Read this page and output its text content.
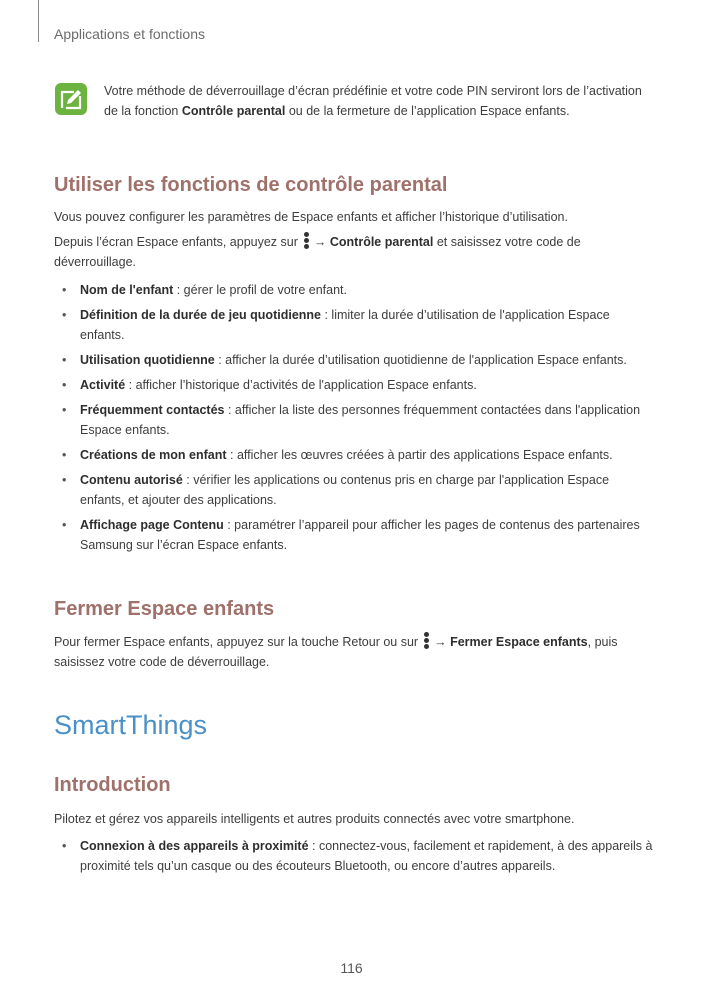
Applications et fonctions
Votre méthode de déverrouillage d’écran prédéfinie et votre code PIN serviront lors de l’activation de la fonction Contrôle parental ou de la fermeture de l’application Espace enfants.
Utiliser les fonctions de contrôle parental
Vous pouvez configurer les paramètres de Espace enfants et afficher l’historique d’utilisation.
Depuis l’écran Espace enfants, appuyez sur → Contrôle parental et saisissez votre code de déverrouillage.
• Nom de l'enfant : gérer le profil de votre enfant.
• Définition de la durée de jeu quotidienne : limiter la durée d’utilisation de l'application Espace enfants.
• Utilisation quotidienne : afficher la durée d’utilisation quotidienne de l'application Espace enfants.
• Activité : afficher l’historique d’activités de l'application Espace enfants.
• Fréquemment contactés : afficher la liste des personnes fréquemment contactées dans l'application Espace enfants.
• Créations de mon enfant : afficher les œuvres créées à partir des applications Espace enfants.
• Contenu autorisé : vérifier les applications ou contenus pris en charge par l'application Espace enfants, et ajouter des applications.
• Affichage page Contenu : paramétrer l’appareil pour afficher les pages de contenus des partenaires Samsung sur l’écran Espace enfants.
Fermer Espace enfants
Pour fermer Espace enfants, appuyez sur la touche Retour ou sur → Fermer Espace enfants, puis saisissez votre code de déverrouillage.
SmartThings
Introduction
Pilotez et gérez vos appareils intelligents et autres produits connectés avec votre smartphone.
• Connexion à des appareils à proximité : connectez-vous, facilement et rapidement, à des appareils à proximité tels qu’un casque ou des écouteurs Bluetooth, ou encore d’autres appareils.
116
